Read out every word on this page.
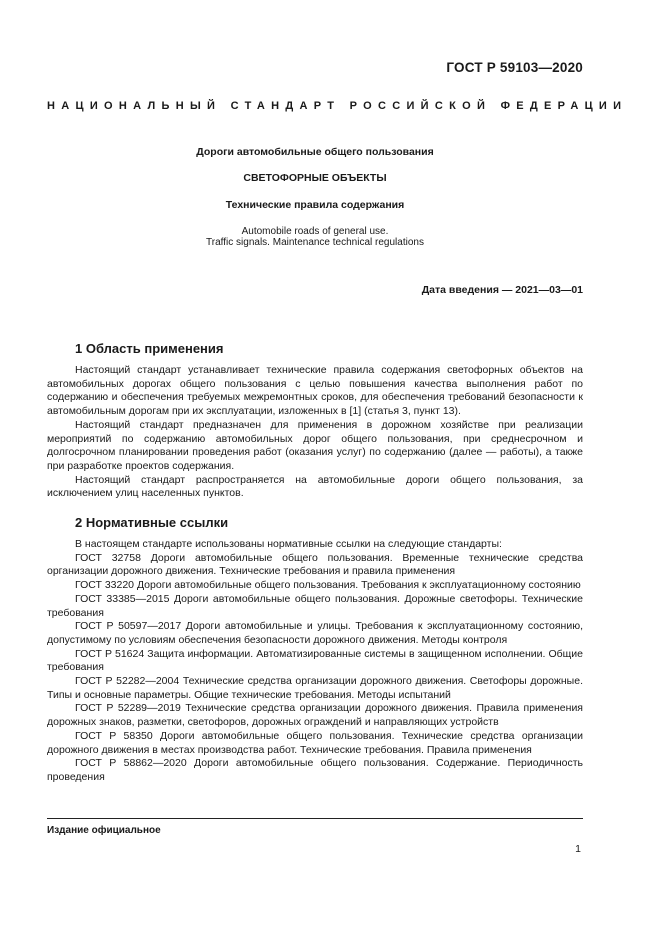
ГОСТ Р 59103—2020
НАЦИОНАЛЬНЫЙ СТАНДАРТ РОССИЙСКОЙ ФЕДЕРАЦИИ
Дороги автомобильные общего пользования
СВЕТОФОРНЫЕ ОБЪЕКТЫ
Технические правила содержания
Automobile roads of general use.
Traffic signals. Maintenance technical regulations
Дата введения — 2021—03—01
1 Область применения

Настоящий стандарт устанавливает технические правила содержания светофорных объектов на автомобильных дорогах общего пользования с целью повышения качества выполнения работ по содержанию и обеспечения требуемых межремонтных сроков, для обеспечения требований безопасности к автомобильным дорогам при их эксплуатации, изложенных в [1] (статья 3, пункт 13).

Настоящий стандарт предназначен для применения в дорожном хозяйстве при реализации мероприятий по содержанию автомобильных дорог общего пользования, при среднесрочном и долгосрочном планировании проведения работ (оказания услуг) по содержанию (далее — работы), а также при разработке проектов содержания.

Настоящий стандарт распространяется на автомобильные дороги общего пользования, за исключением улиц населенных пунктов.

2 Нормативные ссылки

В настоящем стандарте использованы нормативные ссылки на следующие стандарты:

ГОСТ 32758 Дороги автомобильные общего пользования. Временные технические средства организации дорожного движения. Технические требования и правила применения

ГОСТ 33220 Дороги автомобильные общего пользования. Требования к эксплуатационному состоянию

ГОСТ 33385—2015 Дороги автомобильные общего пользования. Дорожные светофоры. Технические требования

ГОСТ Р 50597—2017 Дороги автомобильные и улицы. Требования к эксплуатационному состоянию, допустимому по условиям обеспечения безопасности дорожного движения. Методы контроля

ГОСТ Р 51624 Защита информации. Автоматизированные системы в защищенном исполнении. Общие требования

ГОСТ Р 52282—2004 Технические средства организации дорожного движения. Светофоры дорожные. Типы и основные параметры. Общие технические требования. Методы испытаний

ГОСТ Р 52289—2019 Технические средства организации дорожного движения. Правила применения дорожных знаков, разметки, светофоров, дорожных ограждений и направляющих устройств

ГОСТ Р 58350 Дороги автомобильные общего пользования. Технические средства организации дорожного движения в местах производства работ. Технические требования. Правила применения

ГОСТ Р 58862—2020 Дороги автомобильные общего пользования. Содержание. Периодичность проведения

Издание официальное
1
